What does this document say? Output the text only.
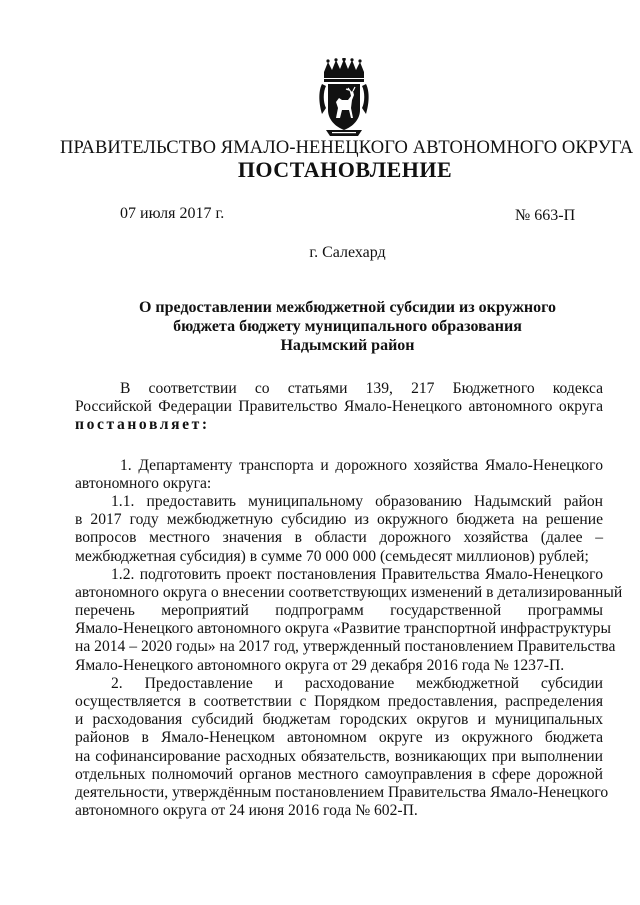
ПРАВИТЕЛЬСТВО ЯМАЛО-НЕНЕЦКОГО АВТОНОМНОГО ОКРУГА
ПОСТАНОВЛЕНИЕ
07 июля 2017 г.	№ 663-П
г. Салехард
О предоставлении межбюджетной субсидии из окружного
бюджета бюджету муниципального образования
Надымский район
В соответствии со статьями 139, 217 Бюджетного кодекса
Российской Федерации Правительство Ямало-Ненецкого автономного округа
постановляет:
1. Департаменту транспорта и дорожного хозяйства Ямало-Ненецкого
автономного округа:
1.1. предоставить муниципальному образованию Надымский район
в 2017 году межбюджетную субсидию из окружного бюджета на решение
вопросов местного значения в области дорожного хозяйства (далее –
межбюджетная субсидия) в сумме 70 000 000 (семьдесят миллионов) рублей;
1.2. подготовить проект постановления Правительства Ямало-Ненецкого
автономного округа о внесении соответствующих изменений в детализированный
перечень мероприятий подпрограмм государственной программы
Ямало-Ненецкого автономного округа «Развитие транспортной инфраструктуры
на 2014 – 2020 годы» на 2017 год, утвержденный постановлением Правительства
Ямало-Ненецкого автономного округа от 29 декабря 2016 года № 1237-П.
2. Предоставление и расходование межбюджетной субсидии
осуществляется в соответствии с Порядком предоставления, распределения
и расходования субсидий бюджетам городских округов и муниципальных
районов в Ямало-Ненецком автономном округе из окружного бюджета
на софинансирование расходных обязательств, возникающих при выполнении
отдельных полномочий органов местного самоуправления в сфере дорожной
деятельности, утверждённым постановлением Правительства Ямало-Ненецкого
автономного округа от 24 июня 2016 года № 602-П.
